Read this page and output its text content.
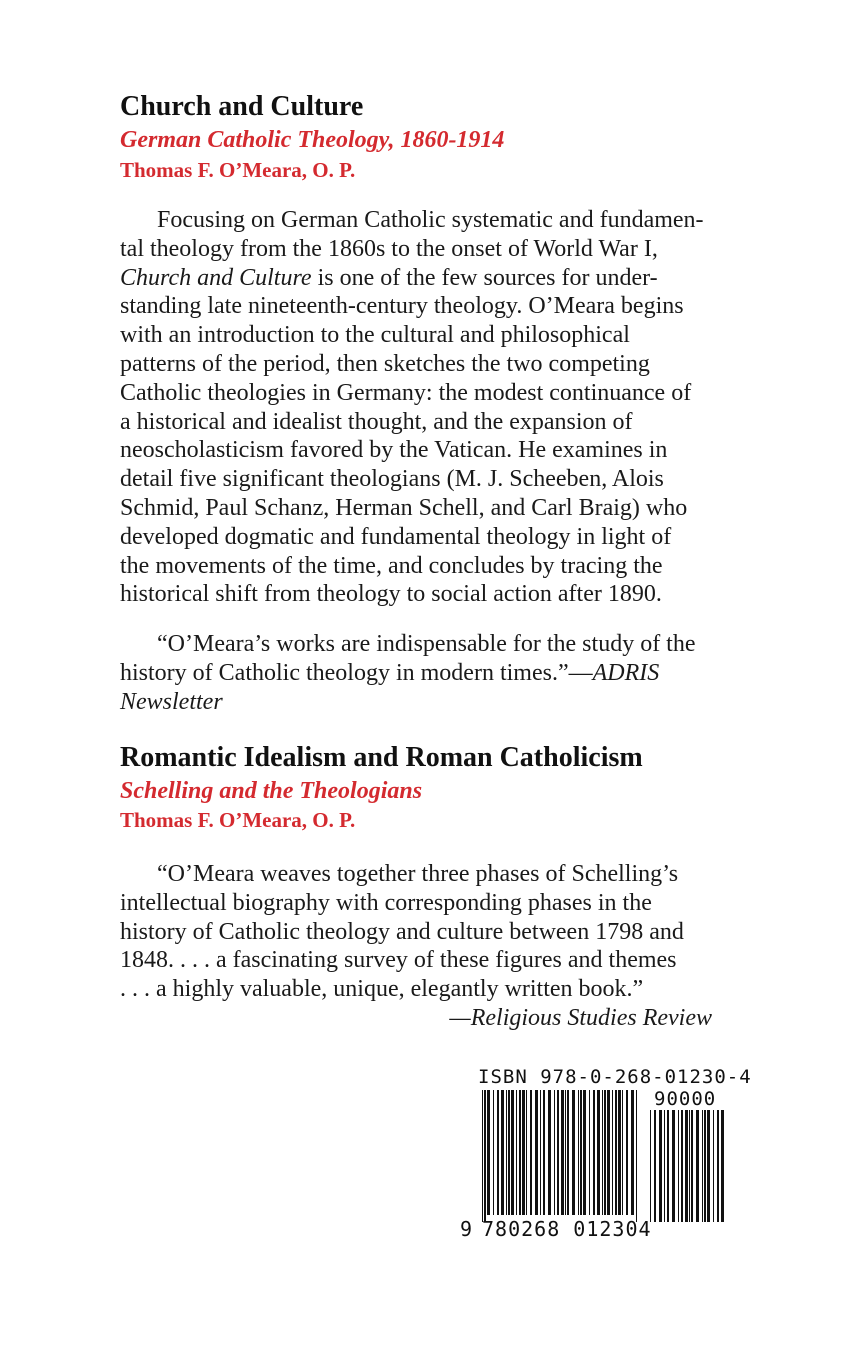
Church and Culture
German Catholic Theology, 1860-1914
Thomas F. O’Meara, O. P.
Focusing on German Catholic systematic and fundamen-
tal theology from the 1860s to the onset of World War I,
Church and Culture is one of the few sources for under-
standing late nineteenth-century theology. O’Meara begins
with an introduction to the cultural and philosophical
patterns of the period, then sketches the two competing
Catholic theologies in Germany: the modest continuance of
a historical and idealist thought, and the expansion of
neoscholasticism favored by the Vatican. He examines in
detail five significant theologians (M. J. Scheeben, Alois
Schmid, Paul Schanz, Herman Schell, and Carl Braig) who
developed dogmatic and fundamental theology in light of
the movements of the time, and concludes by tracing the
historical shift from theology to social action after 1890.
“O’Meara’s works are indispensable for the study of the
history of Catholic theology in modern times.”—ADRIS
Newsletter
Romantic Idealism and Roman Catholicism
Schelling and the Theologians
Thomas F. O’Meara, O. P.
“O’Meara weaves together three phases of Schelling’s
intellectual biography with corresponding phases in the
history of Catholic theology and culture between 1798 and
1848. . . . a fascinating survey of these figures and themes
. . . a highly valuable, unique, elegantly written book.”
—Religious Studies Review
ISBN 978-0-268-01230-4
90000
9 780268 012304
